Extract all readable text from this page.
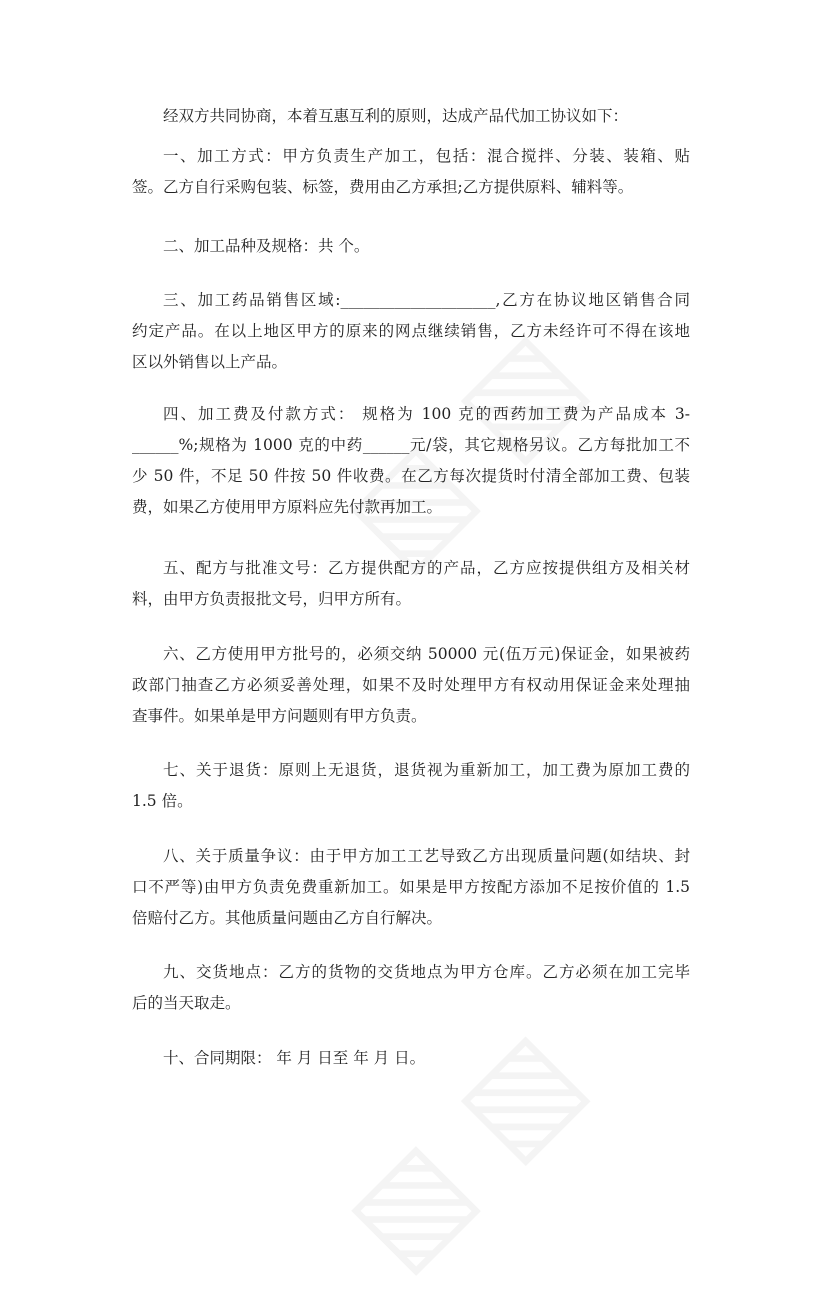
经双方共同协商，本着互惠互利的原则，达成产品代加工协议如下：
一、加工方式：甲方负责生产加工，包括：混合搅拌、分装、装箱、贴
签。乙方自行采购包装、标签，费用由乙方承担;乙方提供原料、辅料等。
二、加工品种及规格：共 个。
三、加工药品销售区域:____________________,乙方在协议地区销售合同
约定产品。在以上地区甲方的原来的网点继续销售，乙方未经许可不得在该地
区以外销售以上产品。
四、加工费及付款方式： 规格为 100 克的西药加工费为产品成本 3-
______%;规格为 1000 克的中药______元/袋，其它规格另议。乙方每批加工不
少 50 件，不足 50 件按 50 件收费。在乙方每次提货时付清全部加工费、包装
费，如果乙方使用甲方原料应先付款再加工。
五、配方与批准文号：乙方提供配方的产品，乙方应按提供组方及相关材
料，由甲方负责报批文号，归甲方所有。
六、乙方使用甲方批号的，必须交纳 50000 元(伍万元)保证金，如果被药
政部门抽查乙方必须妥善处理，如果不及时处理甲方有权动用保证金来处理抽
查事件。如果单是甲方问题则有甲方负责。
七、关于退货：原则上无退货，退货视为重新加工，加工费为原加工费的
1.5 倍。
八、关于质量争议：由于甲方加工工艺导致乙方出现质量问题(如结块、封
口不严等)由甲方负责免费重新加工。如果是甲方按配方添加不足按价值的 1.5
倍赔付乙方。其他质量问题由乙方自行解决。
九、交货地点：乙方的货物的交货地点为甲方仓库。乙方必须在加工完毕
后的当天取走。
十、合同期限： 年 月 日至 年 月 日。
